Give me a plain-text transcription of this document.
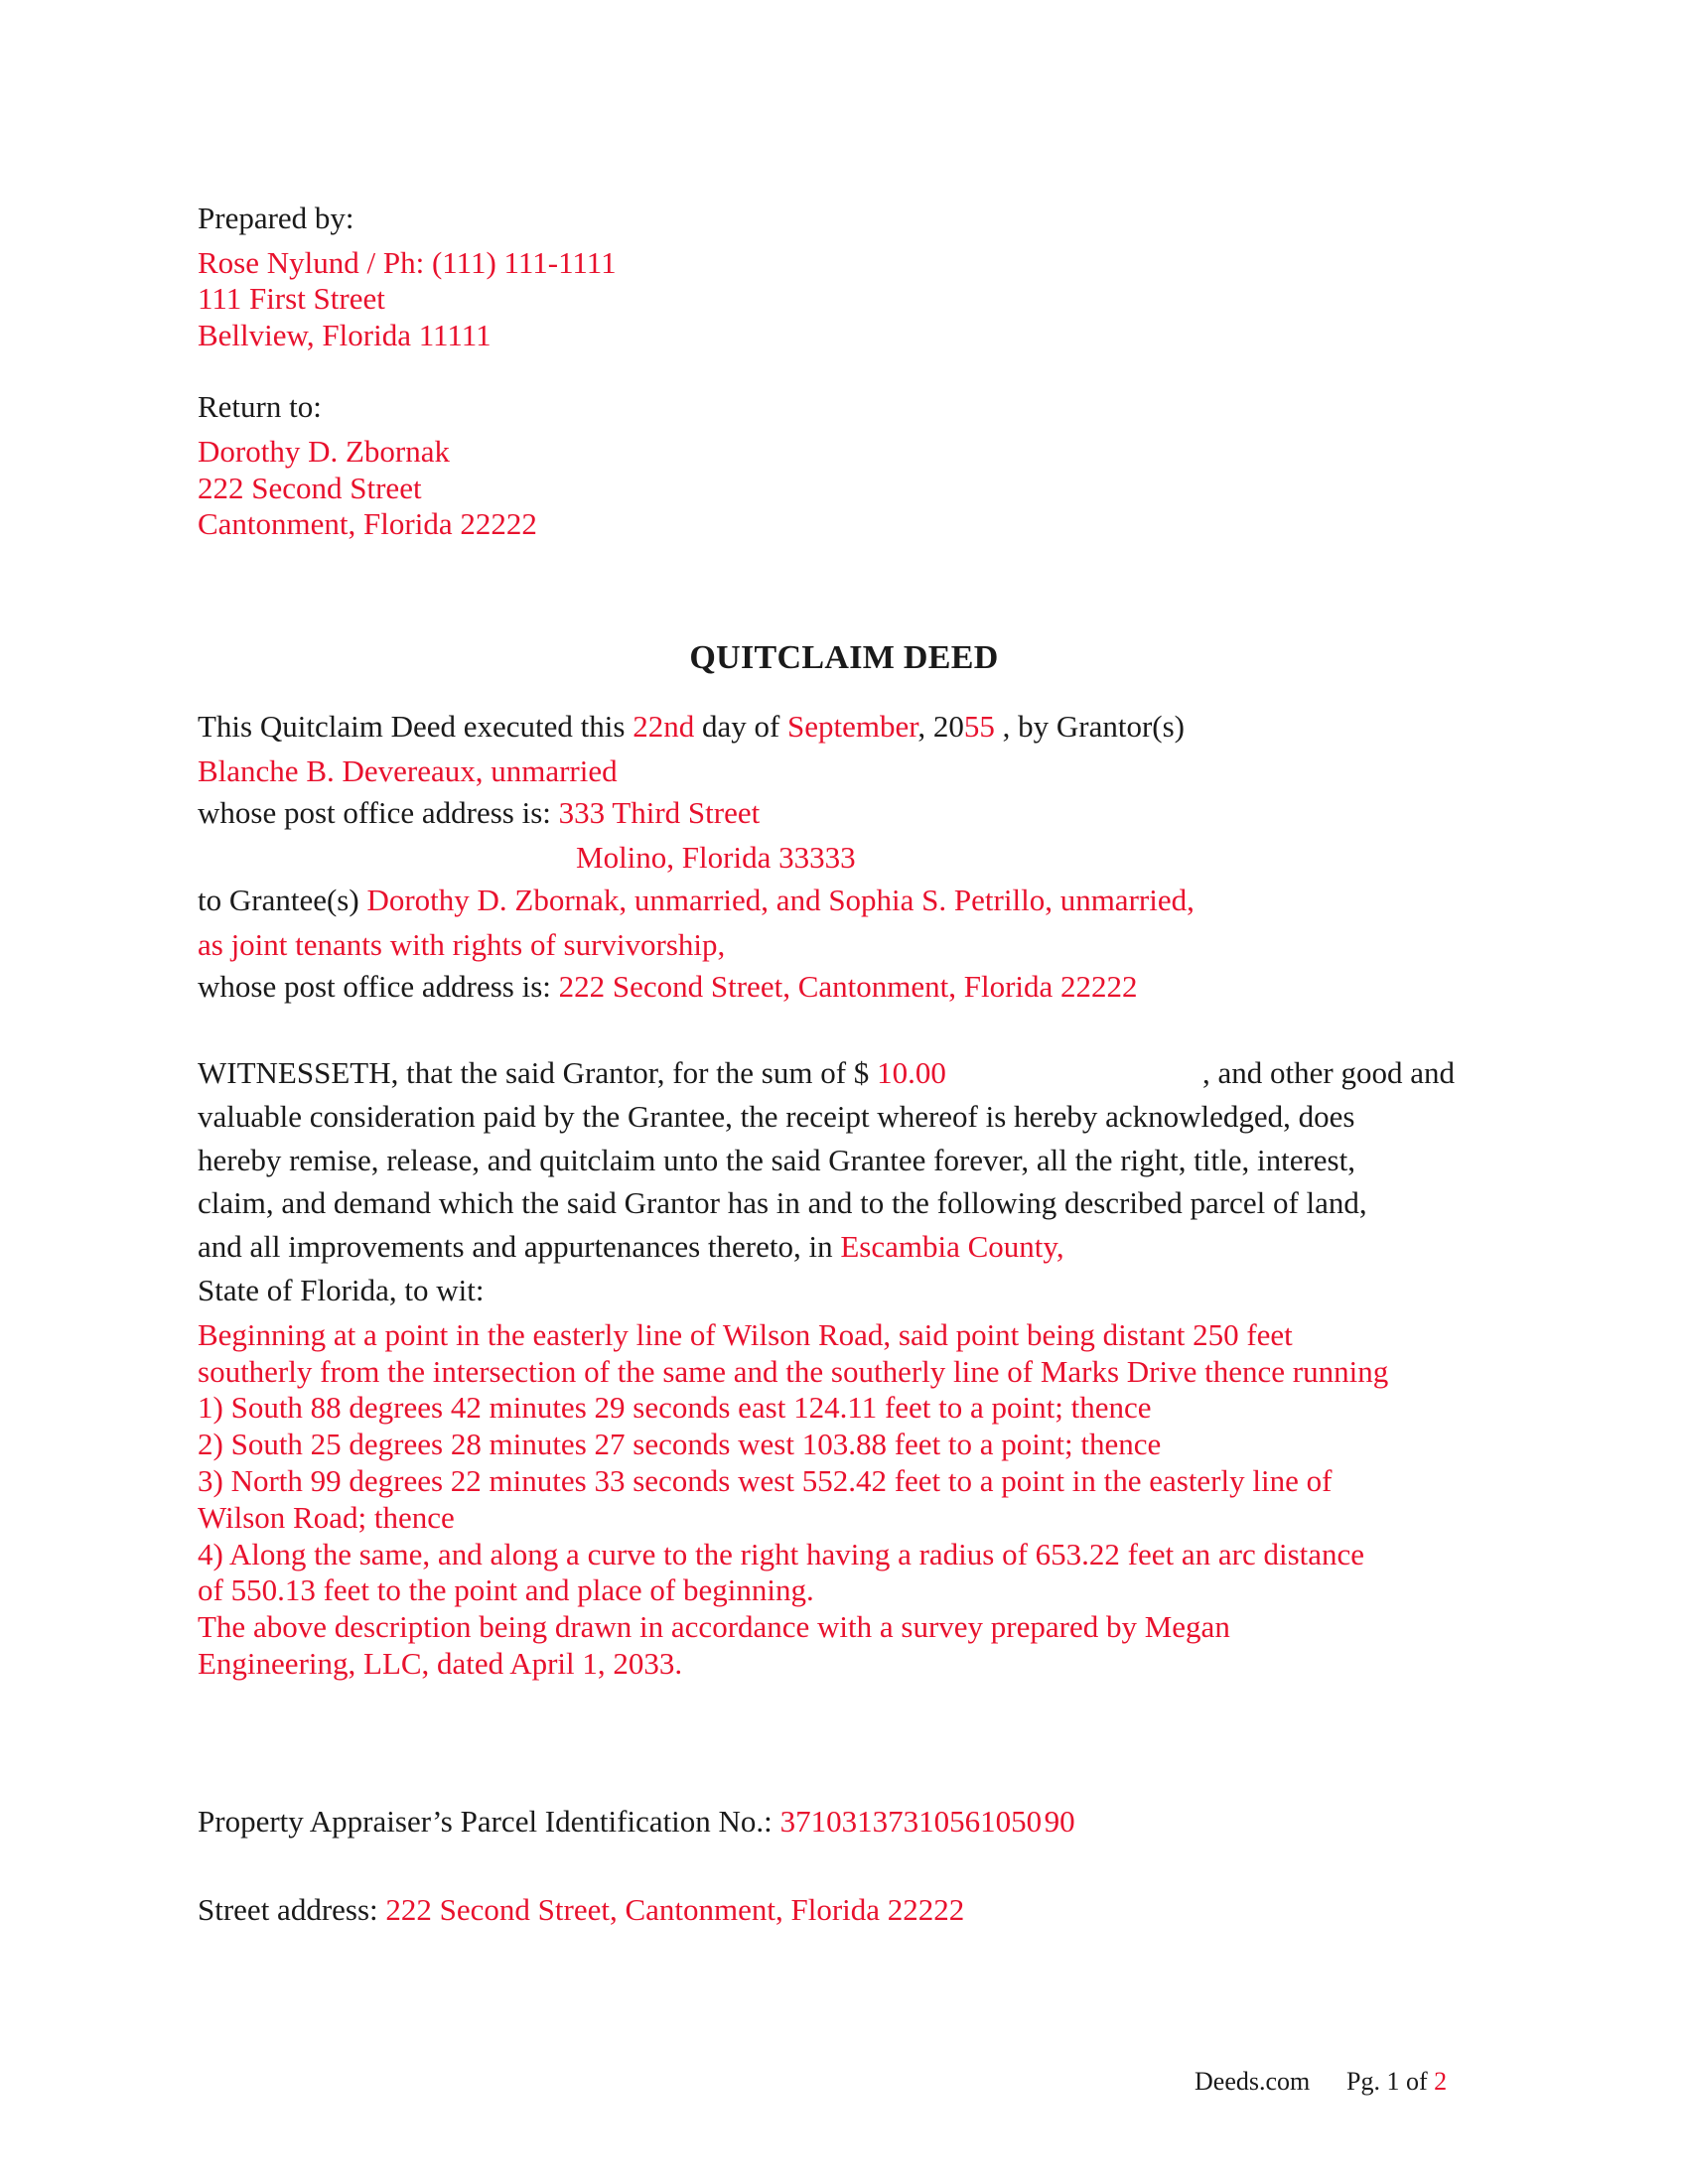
Prepared by:
Rose Nylund / Ph: (111) 111-1111
111 First Street
Bellview, Florida 11111
Return to:
Dorothy D. Zbornak
222 Second Street
Cantonment, Florida 22222
QUITCLAIM DEED
This Quitclaim Deed executed this 22nd day of September, 2055 , by Grantor(s)
Blanche B. Devereaux, unmarried
whose post office address is: 333 Third Street
Molino, Florida 33333
to Grantee(s) Dorothy D. Zbornak, unmarried, and Sophia S. Petrillo, unmarried,
as joint tenants with rights of survivorship,
whose post office address is: 222 Second Street, Cantonment, Florida 22222
WITNESSETH, that the said Grantor, for the sum of $ 10.00	, and other good and
valuable consideration paid by the Grantee, the receipt whereof is hereby acknowledged, does
hereby remise, release, and quitclaim unto the said Grantee forever, all the right, title, interest,
claim, and demand which the said Grantor has in and to the following described parcel of land,
and all improvements and appurtenances thereto, in Escambia County,
State of Florida, to wit:
Beginning at a point in the easterly line of Wilson Road, said point being distant 250 feet
southerly from the intersection of the same and the southerly line of Marks Drive thence running
1) South 88 degrees 42 minutes 29 seconds east 124.11 feet to a point; thence
2) South 25 degrees 28 minutes 27 seconds west 103.88 feet to a point; thence
3) North 99 degrees 22 minutes 33 seconds west 552.42 feet to a point in the easterly line of
Wilson Road; thence
4) Along the same, and along a curve to the right having a radius of 653.22 feet an arc distance
of 550.13 feet to the point and place of beginning.
The above description being drawn in accordance with a survey prepared by Megan
Engineering, LLC, dated April 1, 2033.
Property Appraiser’s Parcel Identification No.: 37103137310561050 90
Street address: 222 Second Street, Cantonment, Florida 22222
Deeds.com Pg. 1 of 2
